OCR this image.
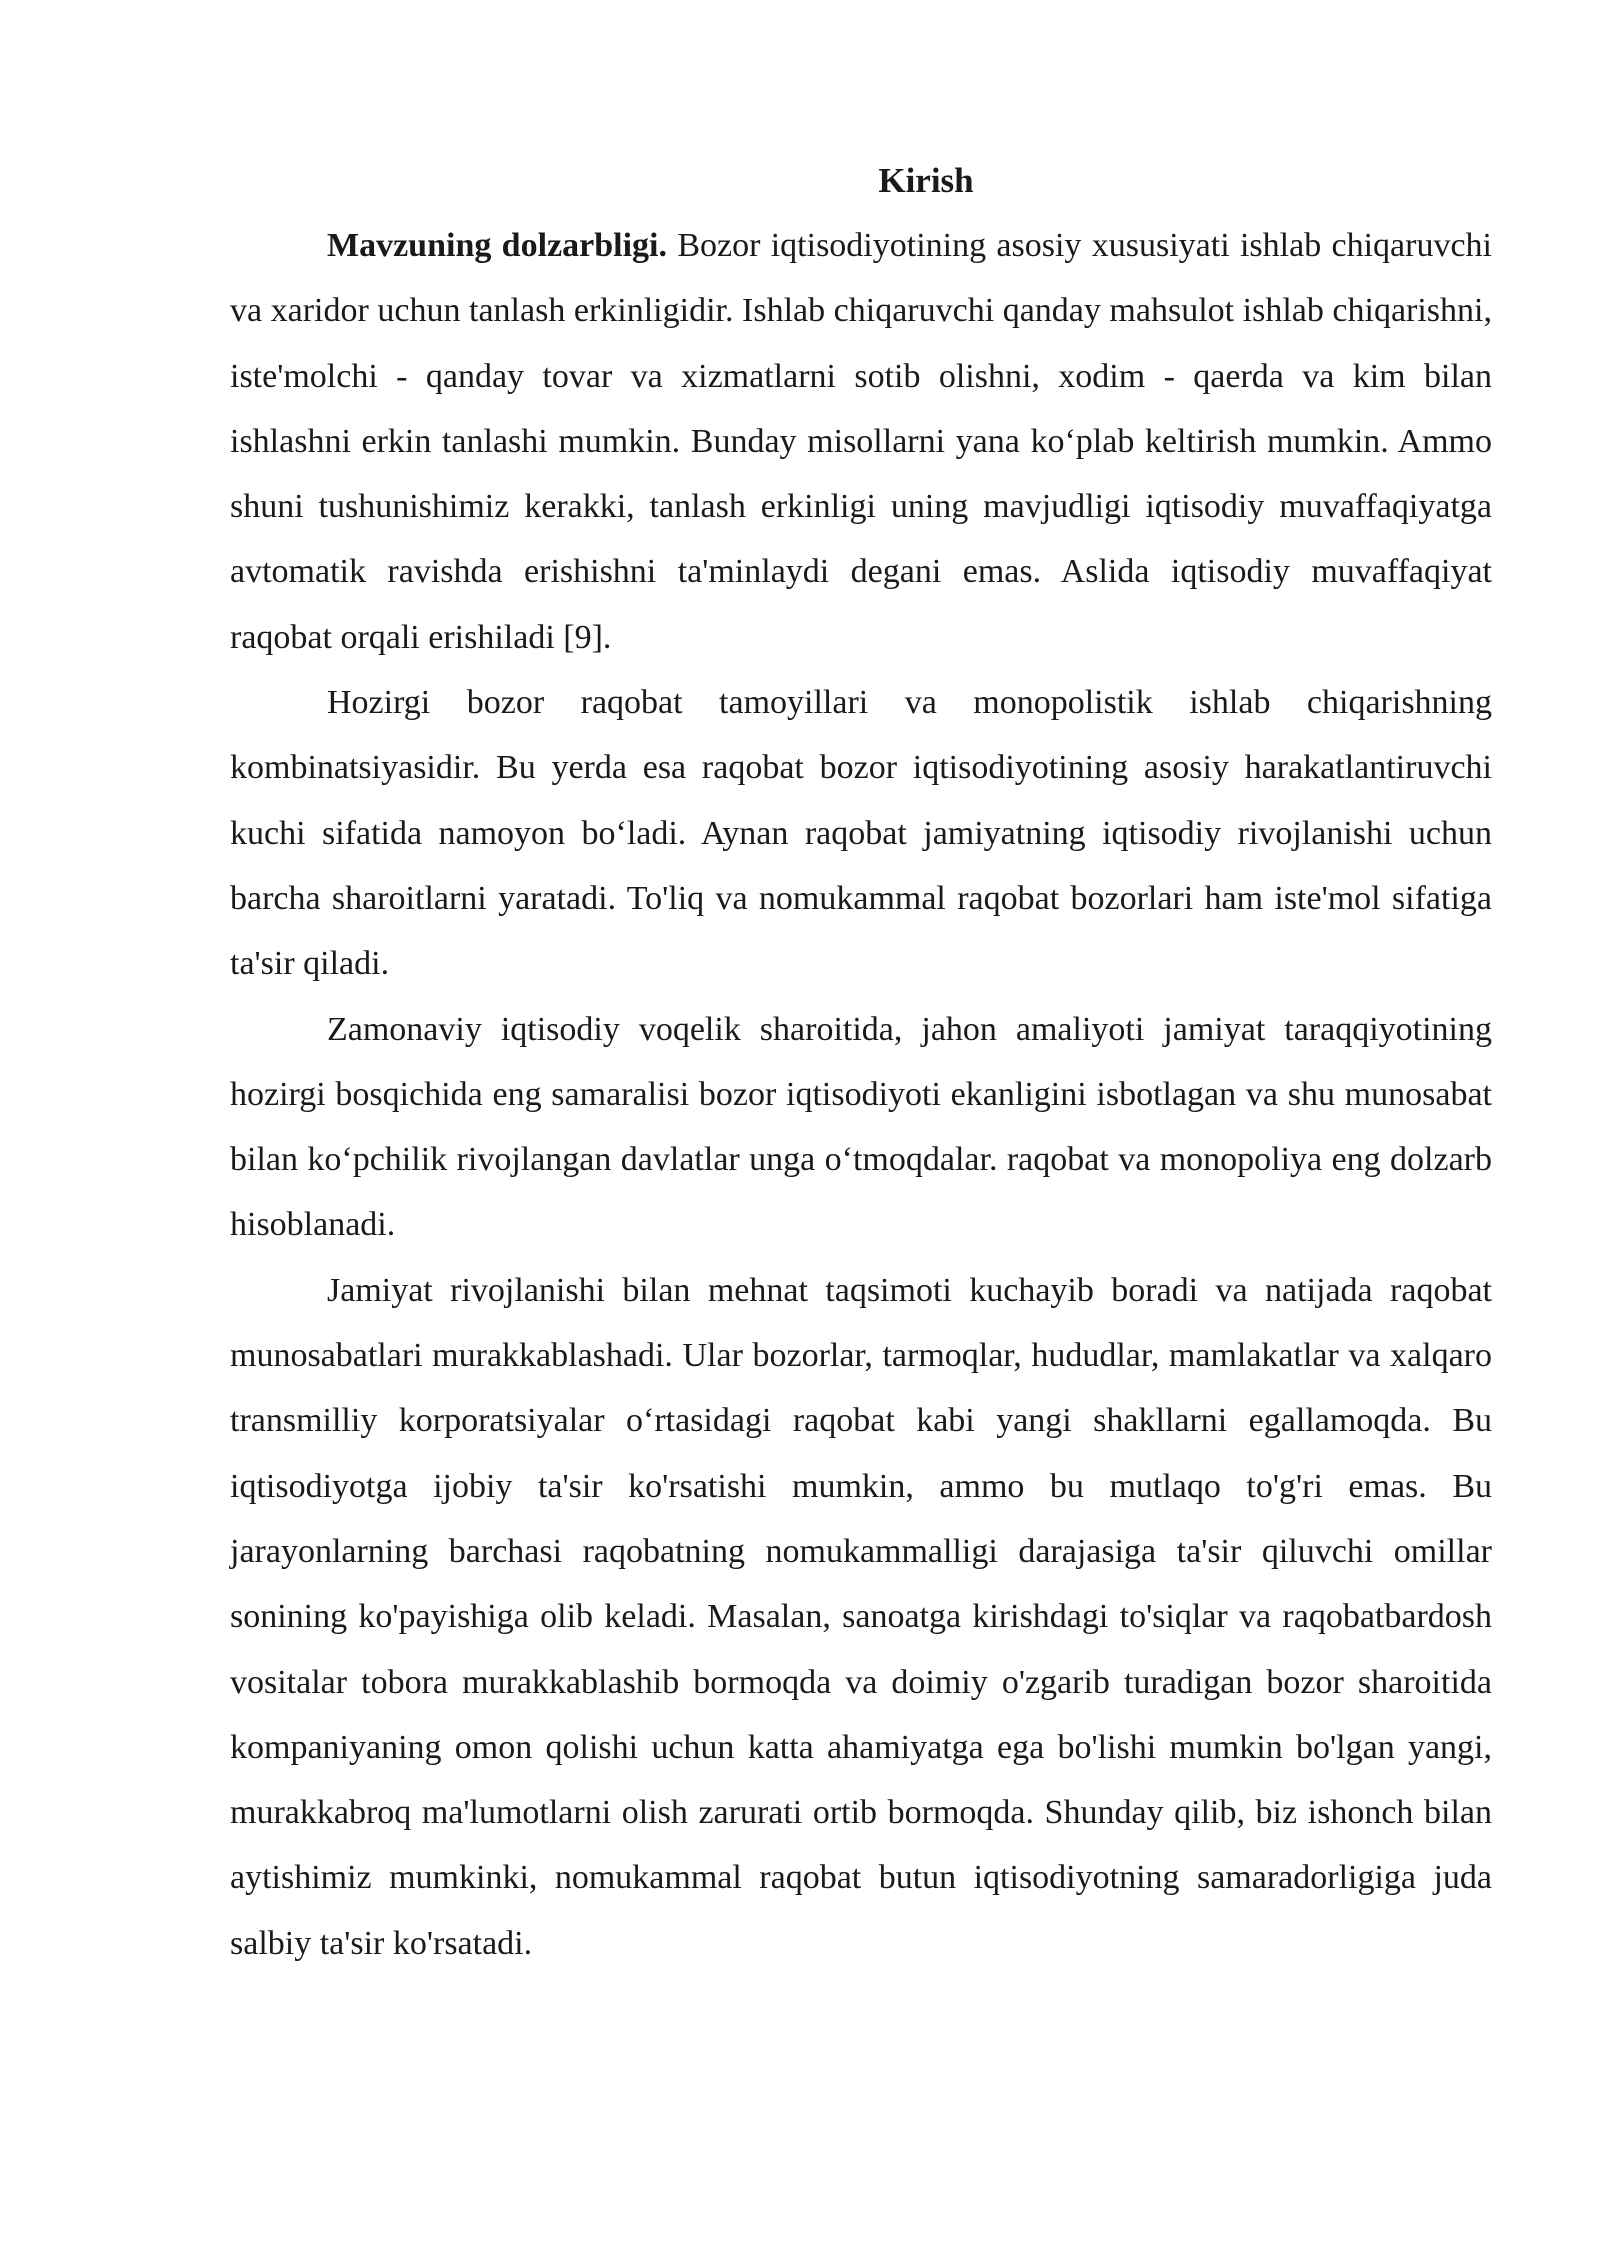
Kirish

Mavzuning dolzarbligi. Bozor iqtisodiyotining asosiy xususiyati ishlab chiqaruvchi va xaridor uchun tanlash erkinligidir. Ishlab chiqaruvchi qanday mahsulot ishlab chiqarishni, iste'molchi - qanday tovar va xizmatlarni sotib olishni, xodim - qaerda va kim bilan ishlashni erkin tanlashi mumkin. Bunday misollarni yana ko‘plab keltirish mumkin. Ammo shuni tushunishimiz kerakki, tanlash erkinligi uning mavjudligi iqtisodiy muvaffaqiyatga avtomatik ravishda erishishni ta'minlaydi degani emas. Aslida iqtisodiy muvaffaqiyat raqobat orqali erishiladi [9].

Hozirgi bozor raqobat tamoyillari va monopolistik ishlab chiqarishning kombinatsiyasidir. Bu yerda esa raqobat bozor iqtisodiyotining asosiy harakatlantiruvchi kuchi sifatida namoyon bo‘ladi. Aynan raqobat jamiyatning iqtisodiy rivojlanishi uchun barcha sharoitlarni yaratadi. To'liq va nomukammal raqobat bozorlari ham iste'mol sifatiga ta'sir qiladi.

Zamonaviy iqtisodiy voqelik sharoitida, jahon amaliyoti jamiyat taraqqiyotining hozirgi bosqichida eng samaralisi bozor iqtisodiyoti ekanligini isbotlagan va shu munosabat bilan ko‘pchilik rivojlangan davlatlar unga o‘tmoqdalar. raqobat va monopoliya eng dolzarb hisoblanadi.

Jamiyat rivojlanishi bilan mehnat taqsimoti kuchayib boradi va natijada raqobat munosabatlari murakkablashadi. Ular bozorlar, tarmoqlar, hududlar, mamlakatlar va xalqaro transmilliy korporatsiyalar o‘rtasidagi raqobat kabi yangi shakllarni egallamoqda. Bu iqtisodiyotga ijobiy ta'sir ko'rsatishi mumkin, ammo bu mutlaqo to'g'ri emas. Bu jarayonlarning barchasi raqobatning nomukammalligi darajasiga ta'sir qiluvchi omillar sonining ko'payishiga olib keladi. Masalan, sanoatga kirishdagi to'siqlar va raqobatbardosh vositalar tobora murakkablashib bormoqda va doimiy o'zgarib turadigan bozor sharoitida kompaniyaning omon qolishi uchun katta ahamiyatga ega bo'lishi mumkin bo'lgan yangi, murakkabroq ma'lumotlarni olish zarurati ortib bormoqda. Shunday qilib, biz ishonch bilan aytishimiz mumkinki, nomukammal raqobat butun iqtisodiyotning samaradorligiga juda salbiy ta'sir ko'rsatadi.
